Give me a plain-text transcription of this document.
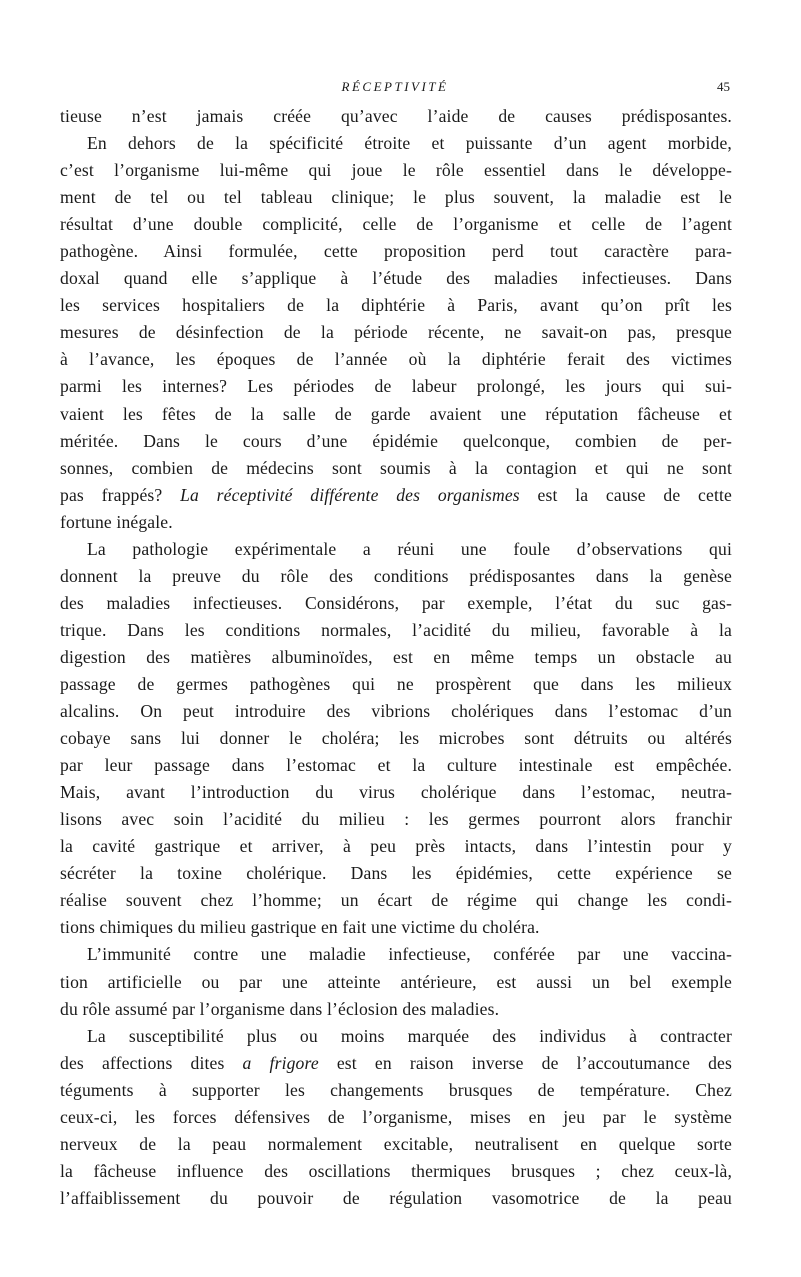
RÉCEPTIVITÉ	45
tieuse n’est jamais créée qu’avec l’aide de causes prédisposantes.
En dehors de la spécificité étroite et puissante d’un agent morbide,
c’est l’organisme lui-même qui joue le rôle essentiel dans le développe-
ment de tel ou tel tableau clinique; le plus souvent, la maladie est le
résultat d’une double complicité, celle de l’organisme et celle de l’agent
pathogène. Ainsi formulée, cette proposition perd tout caractère para-
doxal quand elle s’applique à l’étude des maladies infectieuses. Dans
les services hospitaliers de la diphtérie à Paris, avant qu’on prît les
mesures de désinfection de la période récente, ne savait-on pas, presque
à l’avance, les époques de l’année où la diphtérie ferait des victimes
parmi les internes? Les périodes de labeur prolongé, les jours qui sui-
vaient les fêtes de la salle de garde avaient une réputation fâcheuse et
méritée. Dans le cours d’une épidémie quelconque, combien de per-
sonnes, combien de médecins sont soumis à la contagion et qui ne sont
pas frappés? La réceptivité différente des organismes est la cause de cette
fortune inégale.
La pathologie expérimentale a réuni une foule d’observations qui
donnent la preuve du rôle des conditions prédisposantes dans la genèse
des maladies infectieuses. Considérons, par exemple, l’état du suc gas-
trique. Dans les conditions normales, l’acidité du milieu, favorable à la
digestion des matières albuminoïdes, est en même temps un obstacle au
passage de germes pathogènes qui ne prospèrent que dans les milieux
alcalins. On peut introduire des vibrions cholériques dans l’estomac d’un
cobaye sans lui donner le choléra; les microbes sont détruits ou altérés
par leur passage dans l’estomac et la culture intestinale est empêchée.
Mais, avant l’introduction du virus cholérique dans l’estomac, neutra-
lisons avec soin l’acidité du milieu : les germes pourront alors franchir
la cavité gastrique et arriver, à peu près intacts, dans l’intestin pour y
sécréter la toxine cholérique. Dans les épidémies, cette expérience se
réalise souvent chez l’homme; un écart de régime qui change les condi-
tions chimiques du milieu gastrique en fait une victime du choléra.
L’immunité contre une maladie infectieuse, conférée par une vaccina-
tion artificielle ou par une atteinte antérieure, est aussi un bel exemple
du rôle assumé par l’organisme dans l’éclosion des maladies.
La susceptibilité plus ou moins marquée des individus à contracter
des affections dites a frigore est en raison inverse de l’accoutumance des
téguments à supporter les changements brusques de température. Chez
ceux-ci, les forces défensives de l’organisme, mises en jeu par le système
nerveux de la peau normalement excitable, neutralisent en quelque sorte
la fâcheuse influence des oscillations thermiques brusques ; chez ceux-là,
l’affaiblissement du pouvoir de régulation vasomotrice de la peau
